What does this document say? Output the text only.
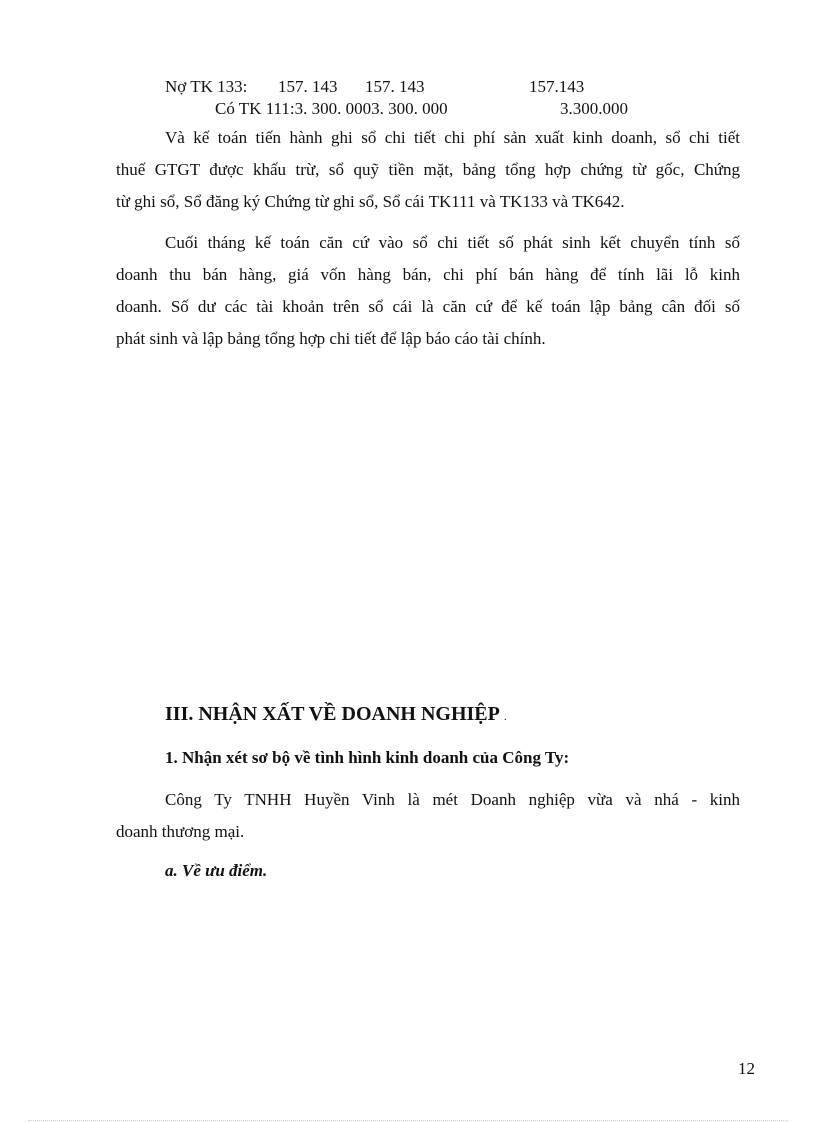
Nợ TK 133: 157. 143 157. 143	157.143
Có TK 111:3. 300. 0003. 300. 000	3.300.000
Và kế toán tiến hành ghi sổ chi tiết chi phí sản xuất kinh doanh, sổ chi tiết
thuế GTGT được khấu trừ, sổ quỹ tiền mặt, bảng tổng hợp chứng từ gốc, Chứng
từ ghi sổ, Sổ đăng ký Chứng từ ghi sổ, Sổ cái TK111 và TK133 và TK642.
Cuối tháng kế toán căn cứ vào sổ chi tiết số phát sinh kết chuyển tính số
doanh thu bán hàng, giá vốn hàng bán, chi phí bán hàng để tính lãi lỗ kinh
doanh. Số dư các tài khoản trên sổ cái là căn cứ để kế toán lập bảng cân đối số
phát sinh và lập bảng tổng hợp chi tiết để lập báo cáo tài chính.
III. NHẬN XẤT VỀ DOANH NGHIỆP .
1. Nhận xét sơ bộ về tình hình kinh doanh của Công Ty:
Công Ty TNHH Huyền Vinh là mét Doanh nghiệp vừa và nhá - kinh
doanh thương mại.
a. Về ưu điểm.
12
